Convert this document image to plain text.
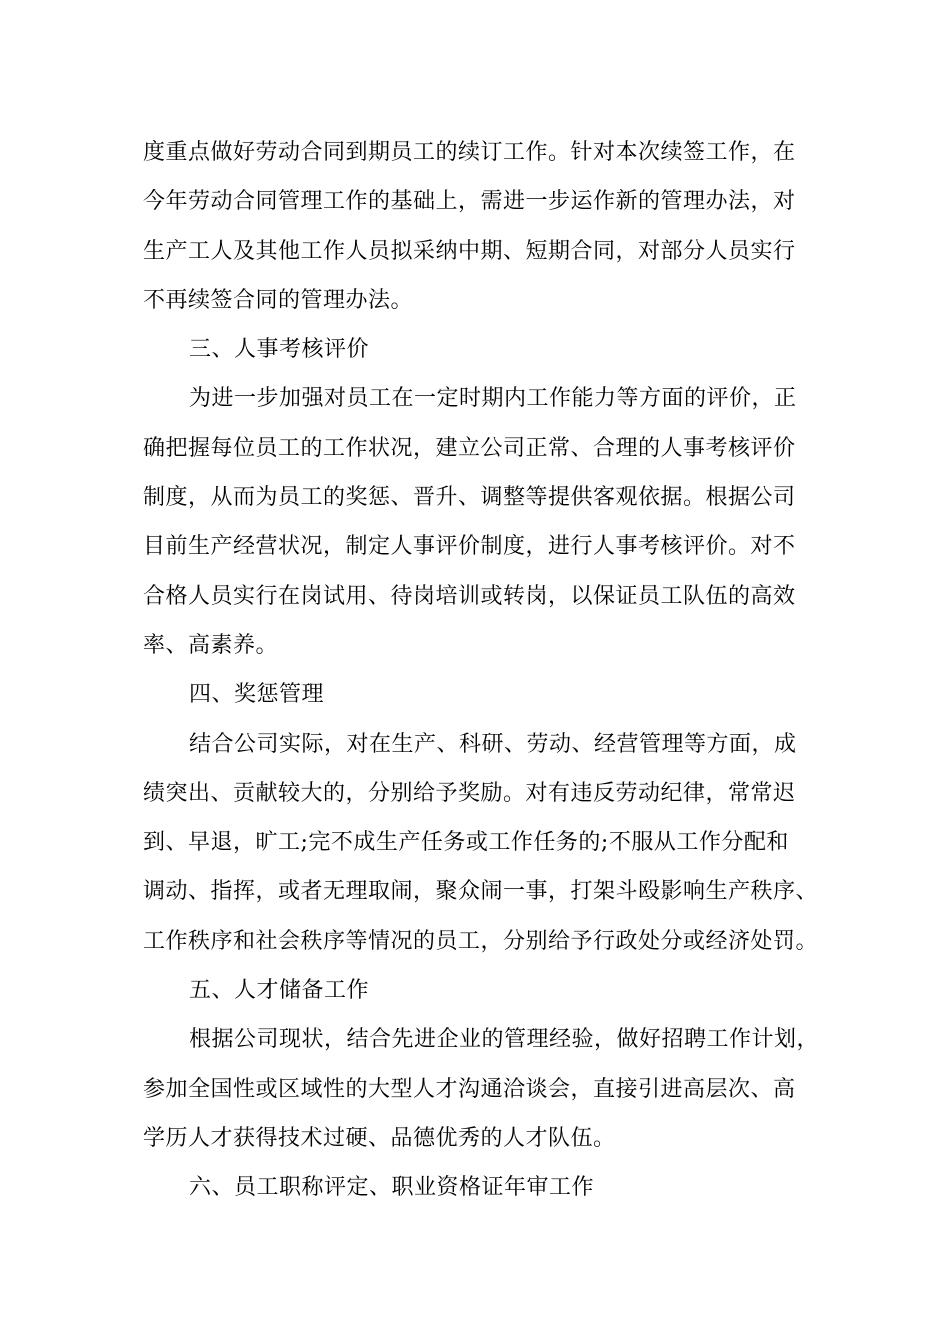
度重点做好劳动合同到期员工的续订工作。针对本次续签工作，在
今年劳动合同管理工作的基础上，需进一步运作新的管理办法，对
生产工人及其他工作人员拟采纳中期、短期合同，对部分人员实行
不再续签合同的管理办法。
三、人事考核评价
为进一步加强对员工在一定时期内工作能力等方面的评价，正
确把握每位员工的工作状况，建立公司正常、合理的人事考核评价
制度，从而为员工的奖惩、晋升、调整等提供客观依据。根据公司
目前生产经营状况，制定人事评价制度，进行人事考核评价。对不
合格人员实行在岗试用、待岗培训或转岗，以保证员工队伍的高效
率、高素养。
四、奖惩管理
结合公司实际，对在生产、科研、劳动、经营管理等方面，成
绩突出、贡献较大的，分别给予奖励。对有违反劳动纪律，常常迟
到、早退，旷工;完不成生产任务或工作任务的;不服从工作分配和
调动、指挥，或者无理取闹，聚众闹一事，打架斗殴影响生产秩序、
工作秩序和社会秩序等情况的员工，分别给予行政处分或经济处罚。
五、人才储备工作
根据公司现状，结合先进企业的管理经验，做好招聘工作计划，
参加全国性或区域性的大型人才沟通洽谈会，直接引进高层次、高
学历人才获得技术过硬、品德优秀的人才队伍。
六、员工职称评定、职业资格证年审工作
